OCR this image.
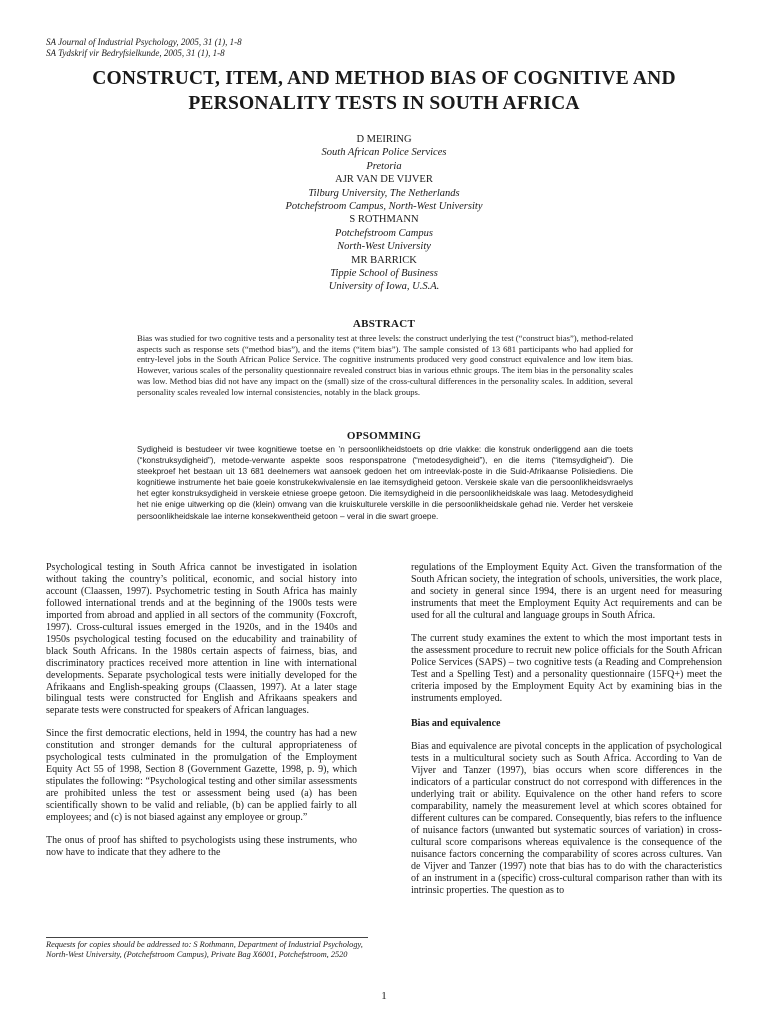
SA Journal of Industrial Psychology, 2005, 31 (1), 1-8
SA Tydskrif vir Bedryfsielkunde, 2005, 31 (1), 1-8
CONSTRUCT, ITEM, AND METHOD BIAS OF COGNITIVE AND
PERSONALITY TESTS IN SOUTH AFRICA
D MEIRING
South African Police Services
Pretoria
AJR VAN DE VIJVER
Tilburg University, The Netherlands
Potchefstroom Campus, North-West University
S ROTHMANN
Potchefstroom Campus
North-West University
MR BARRICK
Tippie School of Business
University of Iowa, U.S.A.
ABSTRACT
Bias was studied for two cognitive tests and a personality test at three levels: the construct underlying the test (“construct bias”), method-related aspects such as response sets (“method bias”), and the items (“item bias”). The sample consisted of 13 681 participants who had applied for entry-level jobs in the South African Police Service. The cognitive instruments produced very good construct equivalence and low item bias. However, various scales of the personality questionnaire revealed construct bias in various ethnic groups. The item bias in the personality scales was low. Method bias did not have any impact on the (small) size of the cross-cultural differences in the personality scales. In addition, several personality scales revealed low internal consistencies, notably in the black groups.
OPSOMMING
Sydigheid is bestudeer vir twee kognitiewe toetse en ’n persoonlikheidstoets op drie vlakke: die konstruk onderliggend aan die toets (“konstruksydigheid”), metode-verwante aspekte soos responspatrone (“metodesydigheid”), en die items (“itemsydigheid”). Die steekproef het bestaan uit 13 681 deelnemers wat aansoek gedoen het om intreevlak-poste in die Suid-Afrikaanse Polisiediens. Die kognitiewe instrumente het baie goeie konstrukekwivalensie en lae itemsydigheid getoon. Verskeie skale van die persoonlikheidsvraelys het egter konstruksydigheid in verskeie etniese groepe getoon. Die itemsydigheid in die persoonlikheidskale was laag. Metodesydigheid het nie enige uitwerking op die (klein) omvang van die kruiskulturele verskille in die persoonlikheidskale gehad nie. Verder het verskeie persoonlikheidskale lae interne konsekwentheid getoon – veral in die swart groepe.

Psychological testing in South Africa cannot be investigated in isolation without taking the country’s political, economic, and social history into account (Claassen, 1997). Psychometric testing in South Africa has mainly followed international trends and at the beginning of the 1900s tests were imported from abroad and applied in all sectors of the community (Foxcroft, 1997). Cross-cultural issues emerged in the 1920s, and in the 1940s and 1950s psychological testing focused on the educability and trainability of black South Africans. In the 1980s certain aspects of fairness, bias, and discriminatory practices received more attention in line with international developments. Separate psychological tests were initially developed for the Afrikaans and English-speaking groups (Claassen, 1997). At a later stage bilingual tests were constructed for English and Afrikaans speakers and separate tests were constructed for speakers of African languages.

Since the first democratic elections, held in 1994, the country has had a new constitution and stronger demands for the cultural appropriateness of psychological tests culminated in the promulgation of the Employment Equity Act 55 of 1998, Section 8 (Government Gazette, 1998, p. 9), which stipulates the following: “Psychological testing and other similar assessments are prohibited unless the test or assessment being used (a) has been scientifically shown to be valid and reliable, (b) can be applied fairly to all employees; and (c) is not biased against any employee or group.”

The onus of proof has shifted to psychologists using these instruments, who now have to indicate that they adhere to the

regulations of the Employment Equity Act. Given the transformation of the South African society, the integration of schools, universities, the work place, and society in general since 1994, there is an urgent need for measuring instruments that meet the Employment Equity Act requirements and can be used for all the cultural and language groups in South Africa.

The current study examines the extent to which the most important tests in the assessment procedure to recruit new police officials for the South African Police Services (SAPS) – two cognitive tests (a Reading and Comprehension Test and a Spelling Test) and a personality questionnaire (15FQ+) meet the criteria imposed by the Employment Equity Act by examining bias in the instruments employed.

Bias and equivalence

Bias and equivalence are pivotal concepts in the application of psychological tests in a multicultural society such as South Africa. According to Van de Vijver and Tanzer (1997), bias occurs when score differences in the indicators of a particular construct do not correspond with differences in the underlying trait or ability. Equivalence on the other hand refers to score comparability, namely the measurement level at which scores obtained for different cultures can be compared. Consequently, bias refers to the influence of nuisance factors (unwanted but systematic sources of variation) in cross-cultural score comparisons whereas equivalence is the consequence of the nuisance factors concerning the comparability of scores across cultures. Van de Vijver and Tanzer (1997) note that bias has to do with the characteristics of an instrument in a (specific) cross-cultural comparison rather than with its intrinsic properties. The question as to

Requests for copies should be addressed to: S Rothmann, Department of Industrial Psychology, North-West University, (Potchefstroom Campus), Private Bag X6001, Potchefstroom, 2520
1
